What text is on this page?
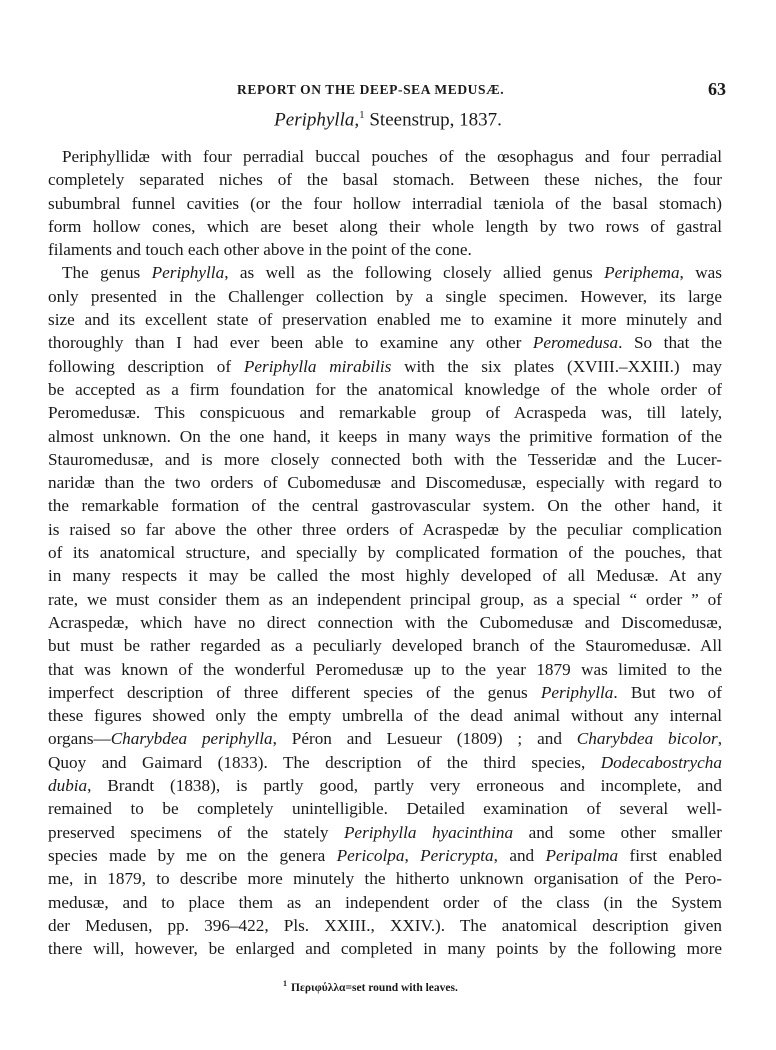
REPORT ON THE DEEP-SEA MEDUSÆ.	63
Periphylla,$^1$ Steenstrup, 1837.
Periphyllidæ with four perradial buccal pouches of the œsophagus and four perradial
completely separated niches of the basal stomach. Between these niches, the four
subumbral funnel cavities (or the four hollow interradial tæniola of the basal stomach)
form hollow cones, which are beset along their whole length by two rows of gastral
filaments and touch each other above in the point of the cone.
The genus Periphylla, as well as the following closely allied genus Periphema, was
only presented in the Challenger collection by a single specimen. However, its large
size and its excellent state of preservation enabled me to examine it more minutely and
thoroughly than I had ever been able to examine any other Peromedusa. So that the
following description of Periphylla mirabilis with the six plates (XVIII.–XXIII.) may
be accepted as a firm foundation for the anatomical knowledge of the whole order of
Peromedusæ. This conspicuous and remarkable group of Acraspeda was, till lately,
almost unknown. On the one hand, it keeps in many ways the primitive formation of the
Stauromedusæ, and is more closely connected both with the Tesseridæ and the Lucer-
naridæ than the two orders of Cubomedusæ and Discomedusæ, especially with regard to
the remarkable formation of the central gastrovascular system. On the other hand, it
is raised so far above the other three orders of Acraspedæ by the peculiar complication
of its anatomical structure, and specially by complicated formation of the pouches, that
in many respects it may be called the most highly developed of all Medusæ. At any
rate, we must consider them as an independent principal group, as a special “ order ” of
Acraspedæ, which have no direct connection with the Cubomedusæ and Discomedusæ,
but must be rather regarded as a peculiarly developed branch of the Stauromedusæ. All
that was known of the wonderful Peromedusæ up to the year 1879 was limited to the
imperfect description of three different species of the genus Periphylla. But two of
these figures showed only the empty umbrella of the dead animal without any internal
organs—Charybdea periphylla, Péron and Lesueur (1809) ; and Charybdea bicolor,
Quoy and Gaimard (1833). The description of the third species, Dodecabostrycha
dubia, Brandt (1838), is partly good, partly very erroneous and incomplete, and
remained to be completely unintelligible. Detailed examination of several well-
preserved specimens of the stately Periphylla hyacinthina and some other smaller
species made by me on the genera Pericolpa, Pericrypta, and Peripalma first enabled
me, in 1879, to describe more minutely the hitherto unknown organisation of the Pero-
medusæ, and to place them as an independent order of the class (in the System
der Medusen, pp. 396–422, Pls. XXIII., XXIV.). The anatomical description given
there will, however, be enlarged and completed in many points by the following more
$^1$ Περιφύλλα=set round with leaves.
